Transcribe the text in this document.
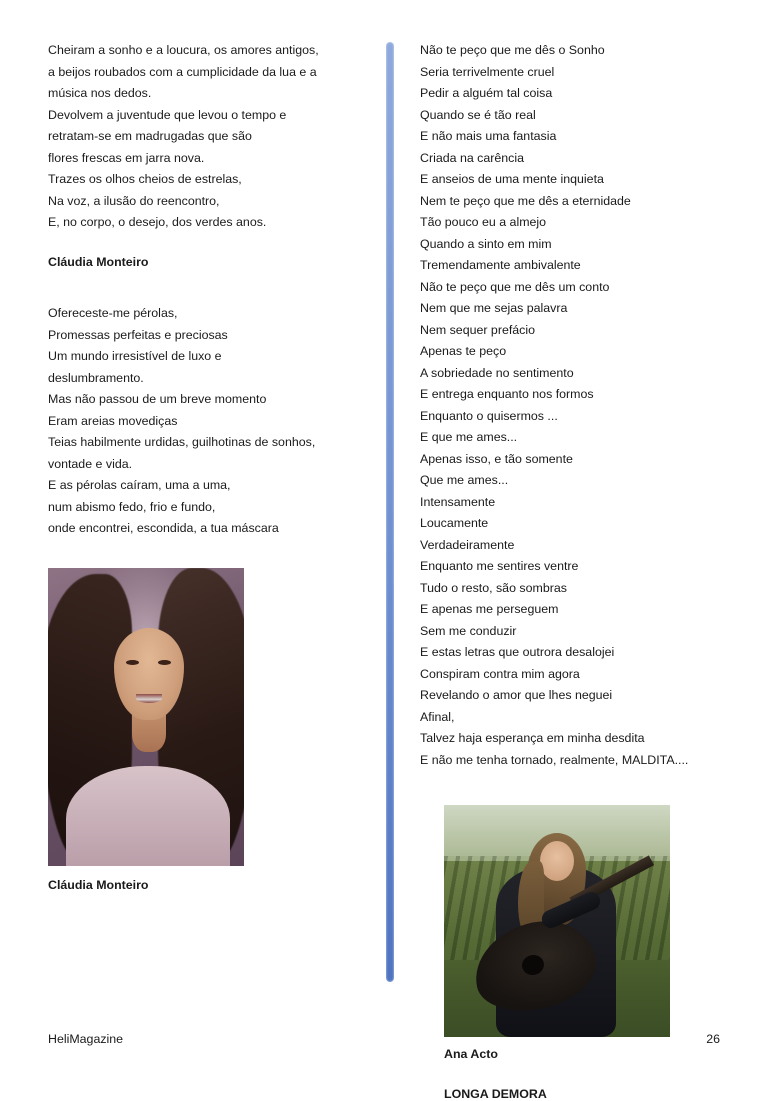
Cheiram a sonho e a loucura, os amores antigos,
a beijos roubados com a cumplicidade da lua e a
música nos dedos.
Devolvem a juventude que levou o tempo e
retratam-se em madrugadas que são
flores frescas em jarra nova.
Trazes os olhos cheios de estrelas,
Na voz, a ilusão do reencontro,
E, no corpo, o desejo, dos verdes anos.
Cláudia Monteiro
Ofereceste-me pérolas,
Promessas perfeitas e preciosas
Um mundo irresistível de luxo e
deslumbramento.
Mas não passou de um breve momento
Eram areias movediças
Teias habilmente urdidas, guilhotinas de sonhos,
vontade e vida.
E as pérolas caíram, uma a uma,
num abismo fedo, frio e fundo,
onde encontrei, escondida, a tua máscara
Cláudia Monteiro
Não te peço que me dês o Sonho
Seria terrivelmente cruel
Pedir a alguém tal coisa
Quando se é tão real
E não mais uma fantasia
Criada na carência
E anseios de uma mente inquieta
Nem te peço que me dês a eternidade
Tão pouco eu a almejo
Quando a sinto em mim
Tremendamente ambivalente
Não te peço que me dês um conto
Nem que me sejas palavra
Nem sequer prefácio
Apenas te peço
A sobriedade no sentimento
E entrega enquanto nos formos
Enquanto o quisermos ...
E que me ames...
Apenas isso, e tão somente
Que me ames...
Intensamente
Loucamente
Verdadeiramente
Enquanto me sentires ventre
Tudo o resto, são sombras
E apenas me perseguem
Sem me conduzir
E estas letras que outrora desalojei
Conspiram contra mim agora
Revelando o amor que lhes neguei
Afinal,
Talvez haja esperança em minha desdita
E não me tenha tornado, realmente, MALDITA....
Ana Acto
LONGA DEMORA
HeliMagazine	26
